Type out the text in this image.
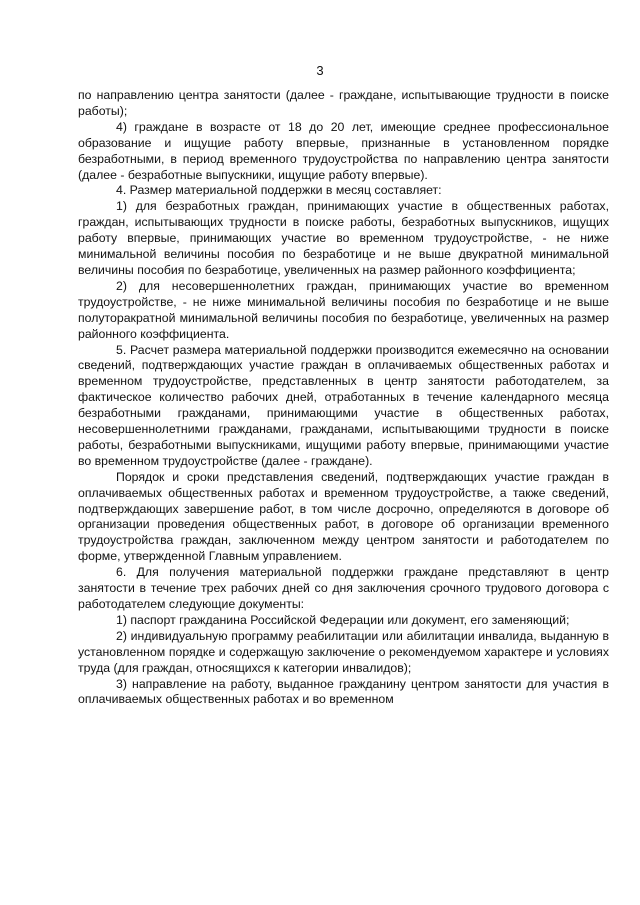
3

по направлению центра занятости (далее - граждане, испытывающие трудности в поиске работы);

4) граждане в возрасте от 18 до 20 лет, имеющие среднее профессиональное образование и ищущие работу впервые, признанные в установленном порядке безработными, в период временного трудоустройства по направлению центра занятости (далее - безработные выпускники, ищущие работу впервые).

4. Размер материальной поддержки в месяц составляет:

1) для безработных граждан, принимающих участие в общественных работах, граждан, испытывающих трудности в поиске работы, безработных выпускников, ищущих работу впервые, принимающих участие во временном трудоустройстве, - не ниже минимальной величины пособия по безработице и не выше двукратной минимальной величины пособия по безработице, увеличенных на размер районного коэффициента;

2) для несовершеннолетних граждан, принимающих участие во временном трудоустройстве, - не ниже минимальной величины пособия по безработице и не выше полуторакратной минимальной величины пособия по безработице, увеличенных на размер районного коэффициента.

5. Расчет размера материальной поддержки производится ежемесячно на основании сведений, подтверждающих участие граждан в оплачиваемых общественных работах и временном трудоустройстве, представленных в центр занятости работодателем, за фактическое количество рабочих дней, отработанных в течение календарного месяца безработными гражданами, принимающими участие в общественных работах, несовершеннолетними гражданами, гражданами, испытывающими трудности в поиске работы, безработными выпускниками, ищущими работу впервые, принимающими участие во временном трудоустройстве (далее - граждане).

Порядок и сроки представления сведений, подтверждающих участие граждан в оплачиваемых общественных работах и временном трудоустройстве, а также сведений, подтверждающих завершение работ, в том числе досрочно, определяются в договоре об организации проведения общественных работ, в договоре об организации временного трудоустройства граждан, заключенном между центром занятости и работодателем по форме, утвержденной Главным управлением.

6. Для получения материальной поддержки граждане представляют в центр занятости в течение трех рабочих дней со дня заключения срочного трудового договора с работодателем следующие документы:

1) паспорт гражданина Российской Федерации или документ, его заменяющий;

2) индивидуальную программу реабилитации или абилитации инвалида, выданную в установленном порядке и содержащую заключение о рекомендуемом характере и условиях труда (для граждан, относящихся к категории инвалидов);

3) направление на работу, выданное гражданину центром занятости для участия в оплачиваемых общественных работах и во временном
